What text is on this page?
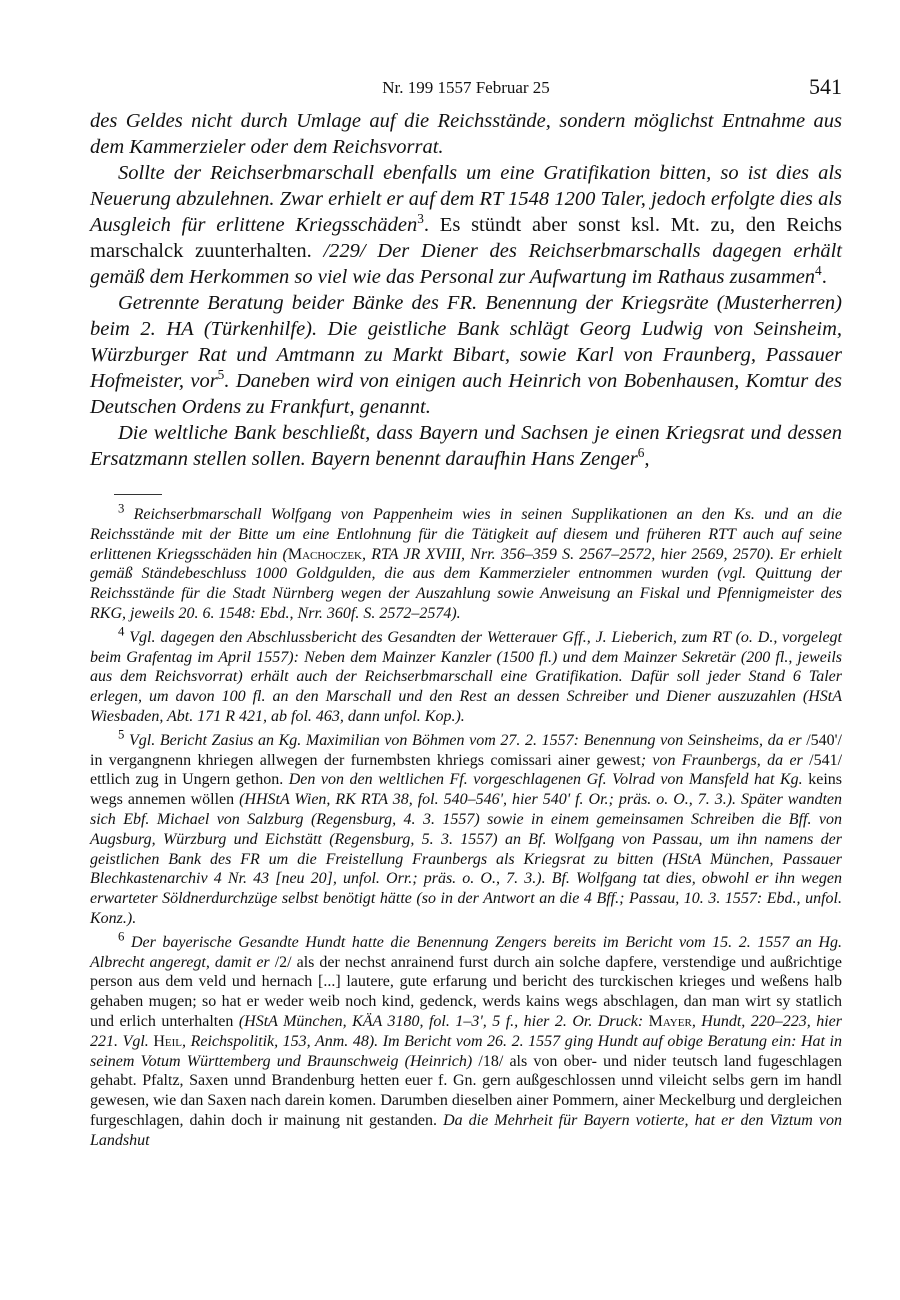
Nr. 199 1557 Februar 25	541

des Geldes nicht durch Umlage auf die Reichsstände, sondern möglichst Entnahme aus dem Kammerzieler oder dem Reichsvorrat.

Sollte der Reichserbmarschall ebenfalls um eine Gratifikation bitten, so ist dies als Neuerung abzulehnen. Zwar erhielt er auf dem RT 1548 1200 Taler, jedoch erfolgte dies als Ausgleich für erlittene Kriegsschäden$^3$. Es stündt aber sonst ksl. Mt. zu, den Reichs marschalck zuunterhalten. /229/ Der Diener des Reichserbmarschalls dagegen erhält gemäß dem Herkommen so viel wie das Personal zur Aufwartung im Rathaus zusammen$^4$.

Getrennte Beratung beider Bänke des FR. Benennung der Kriegsräte (Musterherren) beim 2. HA (Türkenhilfe). Die geistliche Bank schlägt Georg Ludwig von Seinsheim, Würzburger Rat und Amtmann zu Markt Bibart, sowie Karl von Fraunberg, Passauer Hofmeister, vor$^5$. Daneben wird von einigen auch Heinrich von Bobenhausen, Komtur des Deutschen Ordens zu Frankfurt, genannt.

Die weltliche Bank beschließt, dass Bayern und Sachsen je einen Kriegsrat und dessen Ersatzmann stellen sollen. Bayern benennt daraufhin Hans Zenger$^6$,

$^3$ Reichserbmarschall Wolfgang von Pappenheim wies in seinen Supplikationen an den Ks. und an die Reichsstände mit der Bitte um eine Entlohnung für die Tätigkeit auf diesem und früheren RTT auch auf seine erlittenen Kriegsschäden hin (Machoczek, RTA JR XVIII, Nrr. 356–359 S. 2567–2572, hier 2569, 2570). Er erhielt gemäß Ständebeschluss 1000 Goldgulden, die aus dem Kammerzieler entnommen wurden (vgl. Quittung der Reichsstände für die Stadt Nürnberg wegen der Auszahlung sowie Anweisung an Fiskal und Pfennigmeister des RKG, jeweils 20. 6. 1548: Ebd., Nrr. 360f. S. 2572–2574).

$^4$ Vgl. dagegen den Abschlussbericht des Gesandten der Wetterauer Gff., J. Lieberich, zum RT (o. D., vorgelegt beim Grafentag im April 1557): Neben dem Mainzer Kanzler (1500 fl.) und dem Mainzer Sekretär (200 fl., jeweils aus dem Reichsvorrat) erhält auch der Reichserbmarschall eine Gratifikation. Dafür soll jeder Stand 6 Taler erlegen, um davon 100 fl. an den Marschall und den Rest an dessen Schreiber und Diener auszuzahlen (HStA Wiesbaden, Abt. 171 R 421, ab fol. 463, dann unfol. Kop.).

$^5$ Vgl. Bericht Zasius an Kg. Maximilian von Böhmen vom 27. 2. 1557: Benennung von Seinsheims, da er /540'/ in vergangnenn khriegen allwegen der furnembsten khriegs comissari ainer gewest; von Fraunbergs, da er /541/ ettlich zug in Ungern gethon. Den von den weltlichen Ff. vorgeschlagenen Gf. Volrad von Mansfeld hat Kg. keins wegs annemen wöllen (HHStA Wien, RK RTA 38, fol. 540–546', hier 540' f. Or.; präs. o. O., 7. 3.). Später wandten sich Ebf. Michael von Salzburg (Regensburg, 4. 3. 1557) sowie in einem gemeinsamen Schreiben die Bff. von Augsburg, Würzburg und Eichstätt (Regensburg, 5. 3. 1557) an Bf. Wolfgang von Passau, um ihn namens der geistlichen Bank des FR um die Freistellung Fraunbergs als Kriegsrat zu bitten (HStA München, Passauer Blechkastenarchiv 4 Nr. 43 [neu 20], unfol. Orr.; präs. o. O., 7. 3.). Bf. Wolfgang tat dies, obwohl er ihn wegen erwarteter Söldnerdurchzüge selbst benötigt hätte (so in der Antwort an die 4 Bff.; Passau, 10. 3. 1557: Ebd., unfol. Konz.).

$^6$ Der bayerische Gesandte Hundt hatte die Benennung Zengers bereits im Bericht vom 15. 2. 1557 an Hg. Albrecht angeregt, damit er /2/ als der nechst anrainend furst durch ain solche dapfere, verstendige und außrichtige person aus dem veld und hernach [...] lautere, gute erfarung und bericht des turckischen krieges und weßens halb gehaben mugen; so hat er weder weib noch kind, gedenck, werds kains wegs abschlagen, dan man wirt sy statlich und erlich unterhalten (HStA München, KÄA 3180, fol. 1–3', 5 f., hier 2. Or. Druck: Mayer, Hundt, 220–223, hier 221. Vgl. Heil, Reichspolitik, 153, Anm. 48). Im Bericht vom 26. 2. 1557 ging Hundt auf obige Beratung ein: Hat in seinem Votum Württemberg und Braunschweig (Heinrich) /18/ als von ober- und nider teutsch land fugeschlagen gehabt. Pfaltz, Saxen unnd Brandenburg hetten euer f. Gn. gern außgeschlossen unnd vileicht selbs gern im handl gewesen, wie dan Saxen nach darein komen. Darumben dieselben ainer Pommern, ainer Meckelburg und dergleichen furgeschlagen, dahin doch ir mainung nit gestanden. Da die Mehrheit für Bayern votierte, hat er den Viztum von Landshut
